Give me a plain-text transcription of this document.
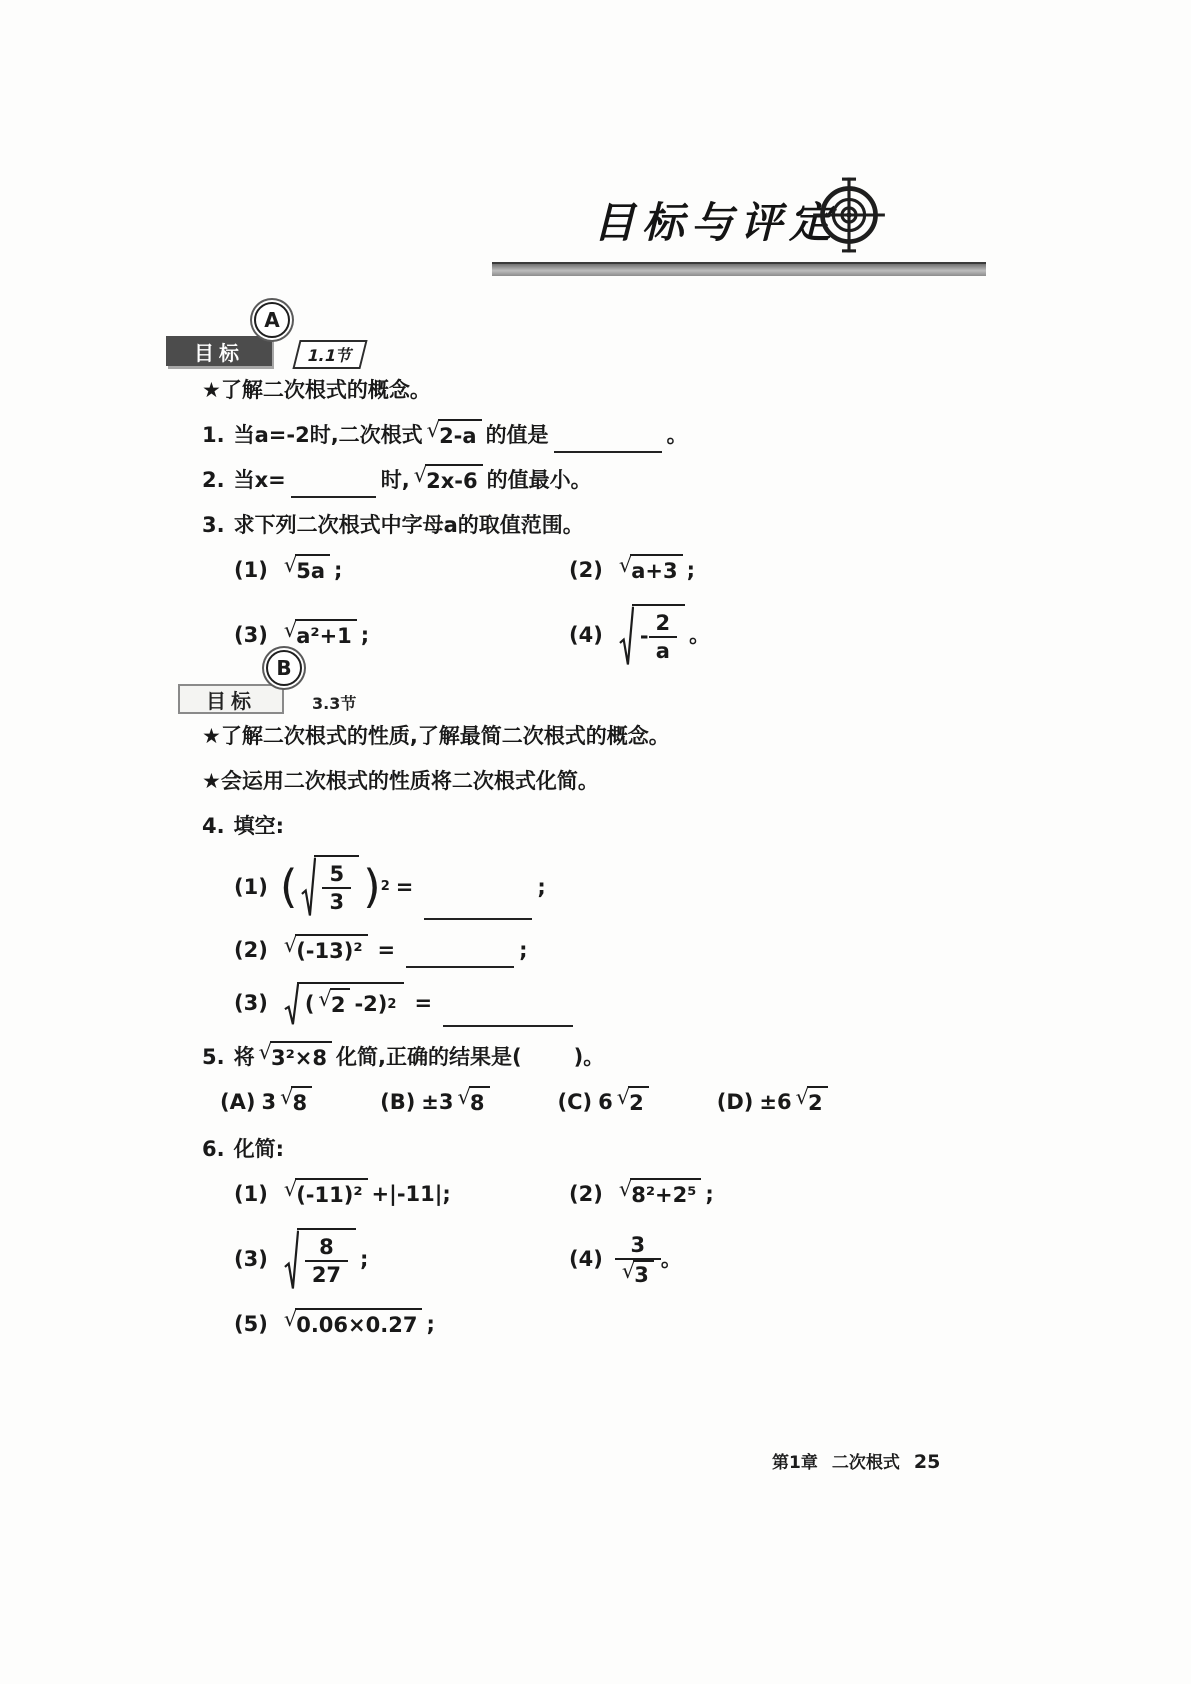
目标与评定
A
目标	1.1节
★了解二次根式的概念。
1. 当a=-2时,二次根式 √ 2-a 的值是	。
2. 当x=	时, √ 2x-6 的值最小。
3. 求下列二次根式中字母a的取值范围。
(1) √ 5a ;	(2) √ a+3 ;
(3) √ a²+1 ;	$(4) - \frac{2}{a}$ 。
B
目标	3.3节
★了解二次根式的性质,了解最简二次根式的概念。
★会运用二次根式的性质将二次根式化简。
4. 填空:
(1) ( $\frac{5}{3}$ ) 2 =	;
(2) √ (-13)² =	;
(3) ( √ 2 -2) 2 =
5. 将 √ 3²×8 化简,正确的结果是( )。
(A) 3 √ 8	(B) ±3 √ 8	(C) 6 √ 2	(D) ±6 √ 2
6. 化简:
(1) √ (-11)² +|-11| ;	(2) √ 8²+2⁵ ;
$(3) \frac{8}{27}$ ;	$(4) \frac{3}{√ 3}$ 。
(5) √ 0.06×0.27 ;
第1章 二次根式 25
